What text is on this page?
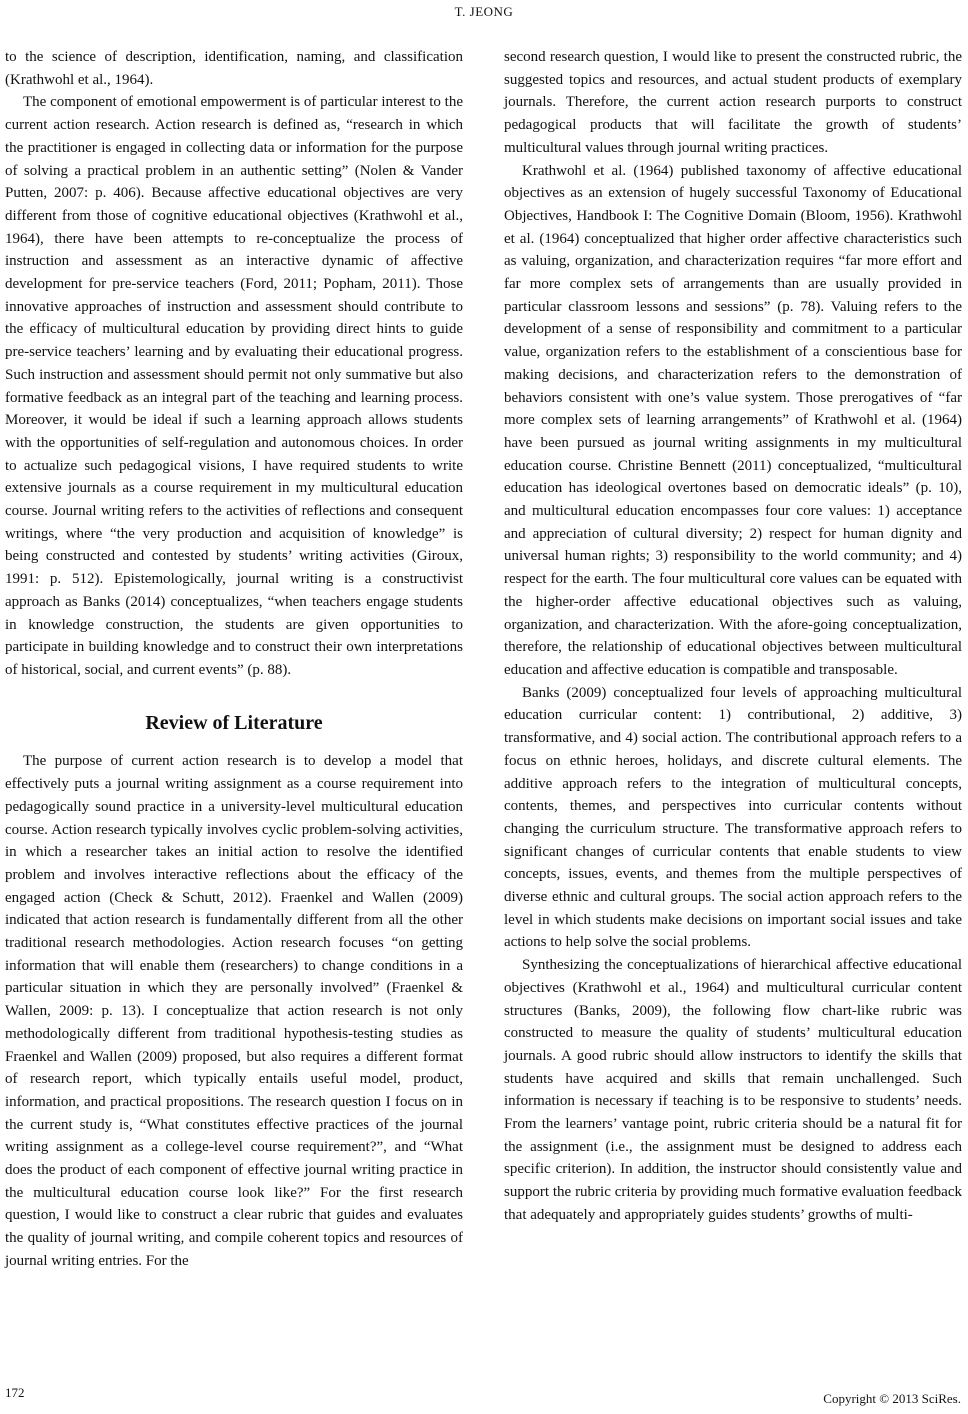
T. JEONG

to the science of description, identification, naming, and classification (Krathwohl et al., 1964).

The component of emotional empowerment is of particular interest to the current action research. Action research is defined as, “research in which the practitioner is engaged in collecting data or information for the purpose of solving a practical problem in an authentic setting” (Nolen & Vander Putten, 2007: p. 406). Because affective educational objectives are very different from those of cognitive educational objectives (Krathwohl et al., 1964), there have been attempts to re-conceptualize the process of instruction and assessment as an interactive dynamic of affective development for pre-service teachers (Ford, 2011; Popham, 2011). Those innovative approaches of instruction and assessment should contribute to the efficacy of multicultural education by providing direct hints to guide pre-service teachers’ learning and by evaluating their educational progress. Such instruction and assessment should permit not only summative but also formative feedback as an integral part of the teaching and learning process. Moreover, it would be ideal if such a learning approach allows students with the opportunities of self-regulation and autonomous choices. In order to actualize such pedagogical visions, I have required students to write extensive journals as a course requirement in my multicultural education course. Journal writing refers to the activities of reflections and consequent writings, where “the very production and acquisition of knowledge” is being constructed and contested by students’ writing activities (Giroux, 1991: p. 512). Epistemologically, journal writing is a constructivist approach as Banks (2014) conceptualizes, “when teachers engage students in knowledge construction, the students are given opportunities to participate in building knowledge and to construct their own interpretations of historical, social, and current events” (p. 88).

Review of Literature

The purpose of current action research is to develop a model that effectively puts a journal writing assignment as a course requirement into pedagogically sound practice in a university-level multicultural education course. Action research typically involves cyclic problem-solving activities, in which a researcher takes an initial action to resolve the identified problem and involves interactive reflections about the efficacy of the engaged action (Check & Schutt, 2012). Fraenkel and Wallen (2009) indicated that action research is fundamentally different from all the other traditional research methodologies. Action research focuses “on getting information that will enable them (researchers) to change conditions in a particular situation in which they are personally involved” (Fraenkel & Wallen, 2009: p. 13). I conceptualize that action research is not only methodologically different from traditional hypothesis-testing studies as Fraenkel and Wallen (2009) proposed, but also requires a different format of research report, which typically entails useful model, product, information, and practical propositions. The research question I focus on in the current study is, “What constitutes effective practices of the journal writing assignment as a college-level course requirement?”, and “What does the product of each component of effective journal writing practice in the multicultural education course look like?” For the first research question, I would like to construct a clear rubric that guides and evaluates the quality of journal writing, and compile coherent topics and resources of journal writing entries. For the

second research question, I would like to present the constructed rubric, the suggested topics and resources, and actual student products of exemplary journals. Therefore, the current action research purports to construct pedagogical products that will facilitate the growth of students’ multicultural values through journal writing practices.

Krathwohl et al. (1964) published taxonomy of affective educational objectives as an extension of hugely successful Taxonomy of Educational Objectives, Handbook I: The Cognitive Domain (Bloom, 1956). Krathwohl et al. (1964) conceptualized that higher order affective characteristics such as valuing, organization, and characterization requires “far more effort and far more complex sets of arrangements than are usually provided in particular classroom lessons and sessions” (p. 78). Valuing refers to the development of a sense of responsibility and commitment to a particular value, organization refers to the establishment of a conscientious base for making decisions, and characterization refers to the demonstration of behaviors consistent with one’s value system. Those prerogatives of “far more complex sets of learning arrangements” of Krathwohl et al. (1964) have been pursued as journal writing assignments in my multicultural education course. Christine Bennett (2011) conceptualized, “multicultural education has ideological overtones based on democratic ideals” (p. 10), and multicultural education encompasses four core values: 1) acceptance and appreciation of cultural diversity; 2) respect for human dignity and universal human rights; 3) responsibility to the world community; and 4) respect for the earth. The four multicultural core values can be equated with the higher-order affective educational objectives such as valuing, organization, and characterization. With the afore-going conceptualization, therefore, the relationship of educational objectives between multicultural education and affective education is compatible and transposable.

Banks (2009) conceptualized four levels of approaching multicultural education curricular content: 1) contributional, 2) additive, 3) transformative, and 4) social action. The contributional approach refers to a focus on ethnic heroes, holidays, and discrete cultural elements. The additive approach refers to the integration of multicultural concepts, contents, themes, and perspectives into curricular contents without changing the curriculum structure. The transformative approach refers to significant changes of curricular contents that enable students to view concepts, issues, events, and themes from the multiple perspectives of diverse ethnic and cultural groups. The social action approach refers to the level in which students make decisions on important social issues and take actions to help solve the social problems.

Synthesizing the conceptualizations of hierarchical affective educational objectives (Krathwohl et al., 1964) and multicultural curricular content structures (Banks, 2009), the following flow chart-like rubric was constructed to measure the quality of students’ multicultural education journals. A good rubric should allow instructors to identify the skills that students have acquired and skills that remain unchallenged. Such information is necessary if teaching is to be responsive to students’ needs. From the learners’ vantage point, rubric criteria should be a natural fit for the assignment (i.e., the assignment must be designed to address each specific criterion). In addition, the instructor should consistently value and support the rubric criteria by providing much formative evaluation feedback that adequately and appropriately guides students’ growths of multi-

172	Copyright © 2013 SciRes.
